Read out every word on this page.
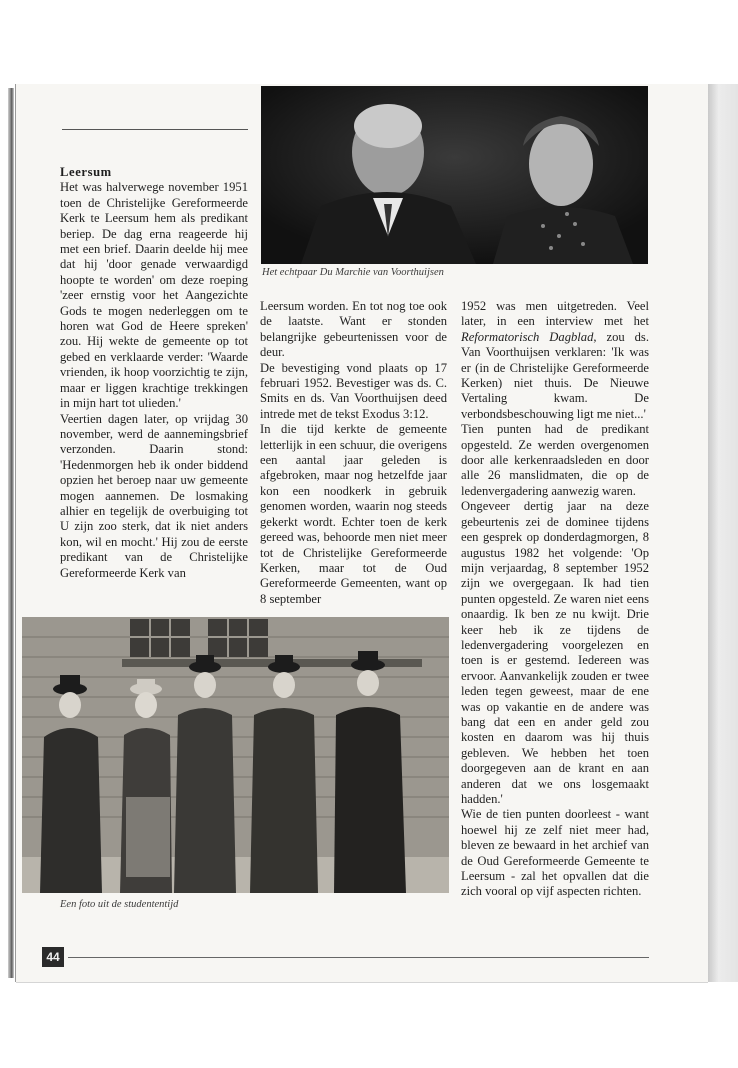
Het echtpaar Du Marchie van Voorthuijsen

Leersum

Het was halverwege november 1951 toen de Christelijke Gereformeerde Kerk te Leersum hem als predikant beriep. De dag erna reageerde hij met een brief. Daarin deelde hij mee dat hij 'door genade verwaardigd hoopte te worden' om deze roeping 'zeer ernstig voor het Aangezichte Gods te mogen nederleggen om te horen wat God de Heere spreken' zou. Hij wekte de gemeente op tot gebed en verklaarde verder: 'Waarde vrienden, ik hoop voorzichtig te zijn, maar er liggen krachtige trekkingen in mijn hart tot ulieden.'

Veertien dagen later, op vrijdag 30 november, werd de aannemingsbrief verzonden. Daarin stond: 'Hedenmorgen heb ik onder biddend opzien het beroep naar uw gemeente mogen aannemen. De losmaking alhier en tegelijk de overbuiging tot U zijn zoo sterk, dat ik niet anders kon, wil en mocht.' Hij zou de eerste predikant van de Christelijke Gereformeerde Kerk van

Leersum worden. En tot nog toe ook de laatste. Want er stonden belangrijke gebeurtenissen voor de deur.

De bevestiging vond plaats op 17 februari 1952. Bevestiger was ds. C. Smits en ds. Van Voorthuijsen deed intrede met de tekst Exodus 3:12.

In die tijd kerkte de gemeente letterlijk in een schuur, die overigens een aantal jaar geleden is afgebroken, maar nog hetzelfde jaar kon een noodkerk in gebruik genomen worden, waarin nog steeds gekerkt wordt. Echter toen de kerk gereed was, behoorde men niet meer tot de Christelijke Gereformeerde Kerken, maar tot de Oud Gereformeerde Gemeenten, want op 8 september

1952 was men uitgetreden. Veel later, in een interview met het Reformatorisch Dagblad, zou ds. Van Voorthuijsen verklaren: 'Ik was er (in de Christelijke Gereformeerde Kerken) niet thuis. De Nieuwe Vertaling kwam. De verbondsbeschouwing ligt me niet...'

Tien punten had de predikant opgesteld. Ze werden overgenomen door alle kerkenraadsleden en door alle 26 manslidmaten, die op de ledenvergadering aanwezig waren.

Ongeveer dertig jaar na deze gebeurtenis zei de dominee tijdens een gesprek op donderdagmorgen, 8 augustus 1982 het volgende: 'Op mijn verjaardag, 8 september 1952 zijn we overgegaan. Ik had tien punten opgesteld. Ze waren niet eens onaardig. Ik ben ze nu kwijt. Drie keer heb ik ze tijdens de ledenvergadering voorgelezen en toen is er gestemd. Iedereen was ervoor. Aanvankelijk zouden er twee leden tegen geweest, maar de ene was op vakantie en de andere was bang dat een en ander geld zou kosten en daarom was hij thuis gebleven. We hebben het toen doorgegeven aan de krant en aan anderen dat we ons losgemaakt hadden.'

Wie de tien punten doorleest - want hoewel hij ze zelf niet meer had, bleven ze bewaard in het archief van de Oud Gereformeerde Gemeente te Leersum - zal het opvallen dat die zich vooral op vijf aspecten richten.

Een foto uit de studententijd
44
